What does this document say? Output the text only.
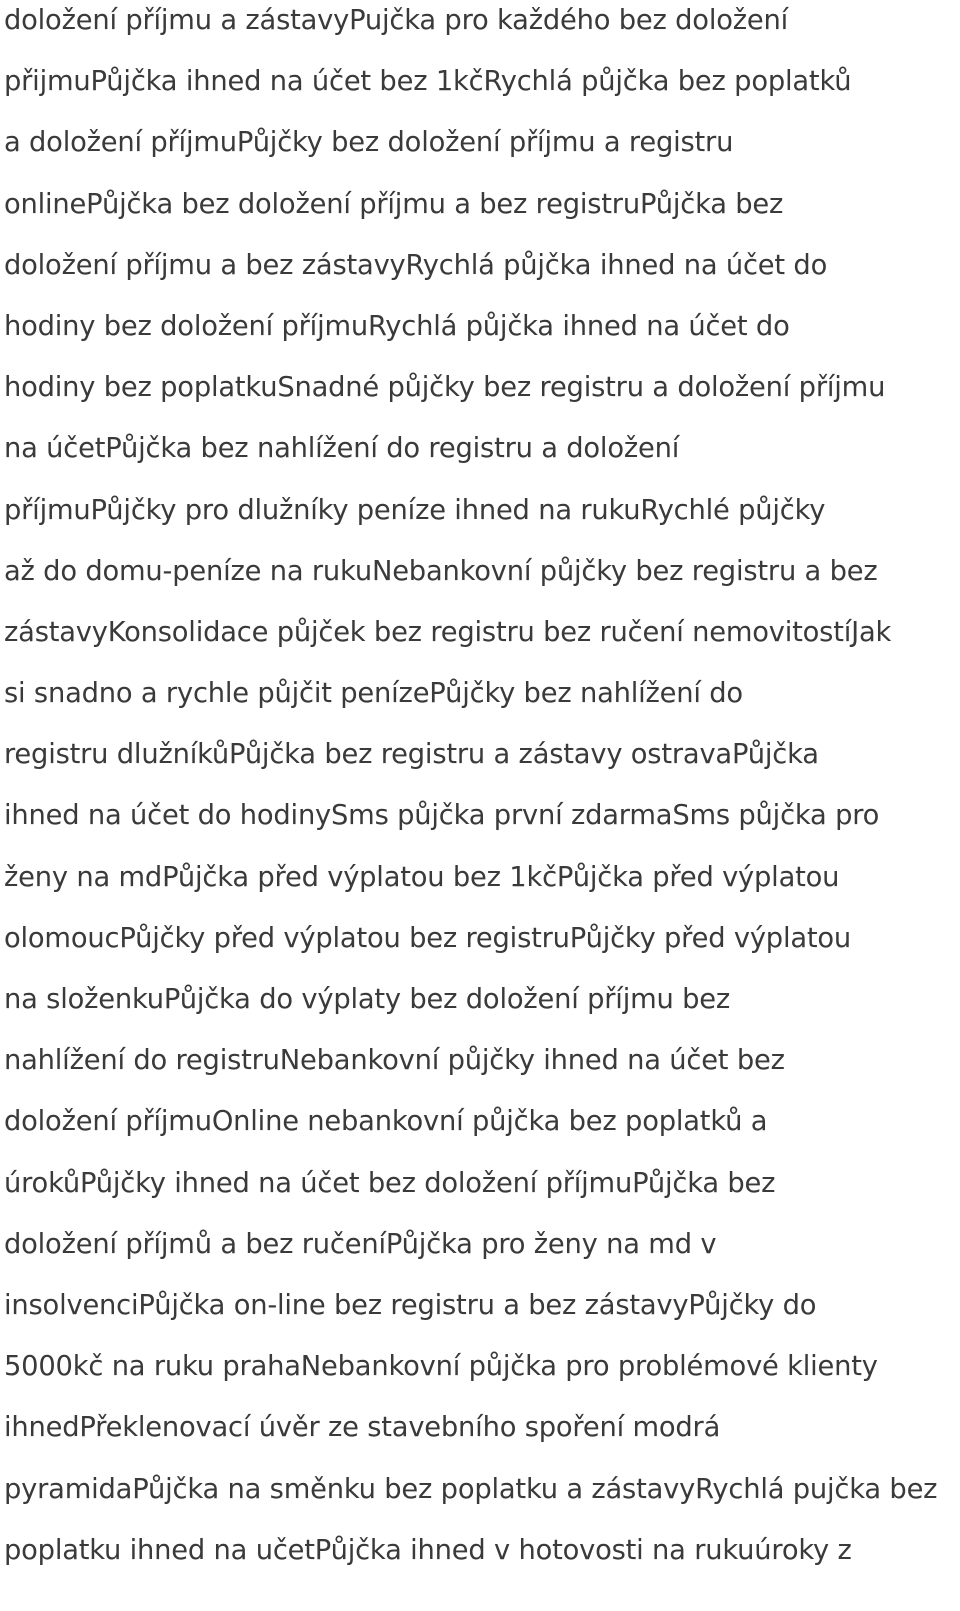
doložení příjmu a zástavyPujčka pro každého bez doložení
přijmuPůjčka ihned na účet bez 1kčRychlá půjčka bez poplatků
a doložení příjmuPůjčky bez doložení příjmu a registru
onlinePůjčka bez doložení příjmu a bez registruPůjčka bez
doložení příjmu a bez zástavyRychlá půjčka ihned na účet do
hodiny bez doložení příjmuRychlá půjčka ihned na účet do
hodiny bez poplatkuSnadné půjčky bez registru a doložení příjmu
na účetPůjčka bez nahlížení do registru a doložení
příjmuPůjčky pro dlužníky peníze ihned na rukuRychlé půjčky
až do domu-peníze na rukuNebankovní půjčky bez registru a bez
zástavyKonsolidace půjček bez registru bez ručení nemovitostíJak
si snadno a rychle půjčit penízePůjčky bez nahlížení do
registru dlužníkůPůjčka bez registru a zástavy ostravaPůjčka
ihned na účet do hodinySms půjčka první zdarmaSms půjčka pro
ženy na mdPůjčka před výplatou bez 1kčPůjčka před výplatou
olomoucPůjčky před výplatou bez registruPůjčky před výplatou
na složenkuPůjčka do výplaty bez doložení příjmu bez
nahlížení do registruNebankovní půjčky ihned na účet bez
doložení příjmuOnline nebankovní půjčka bez poplatků a
úrokůPůjčky ihned na účet bez doložení příjmuPůjčka bez
doložení příjmů a bez ručeníPůjčka pro ženy na md v
insolvenciPůjčka on-line bez registru a bez zástavyPůjčky do
5000kč na ruku prahaNebankovní půjčka pro problémové klienty
ihnedPřeklenovací úvěr ze stavebního spoření modrá
pyramidaPůjčka na směnku bez poplatku a zástavyRychlá pujčka bez
poplatku ihned na učetPůjčka ihned v hotovosti na rukuúroky z
